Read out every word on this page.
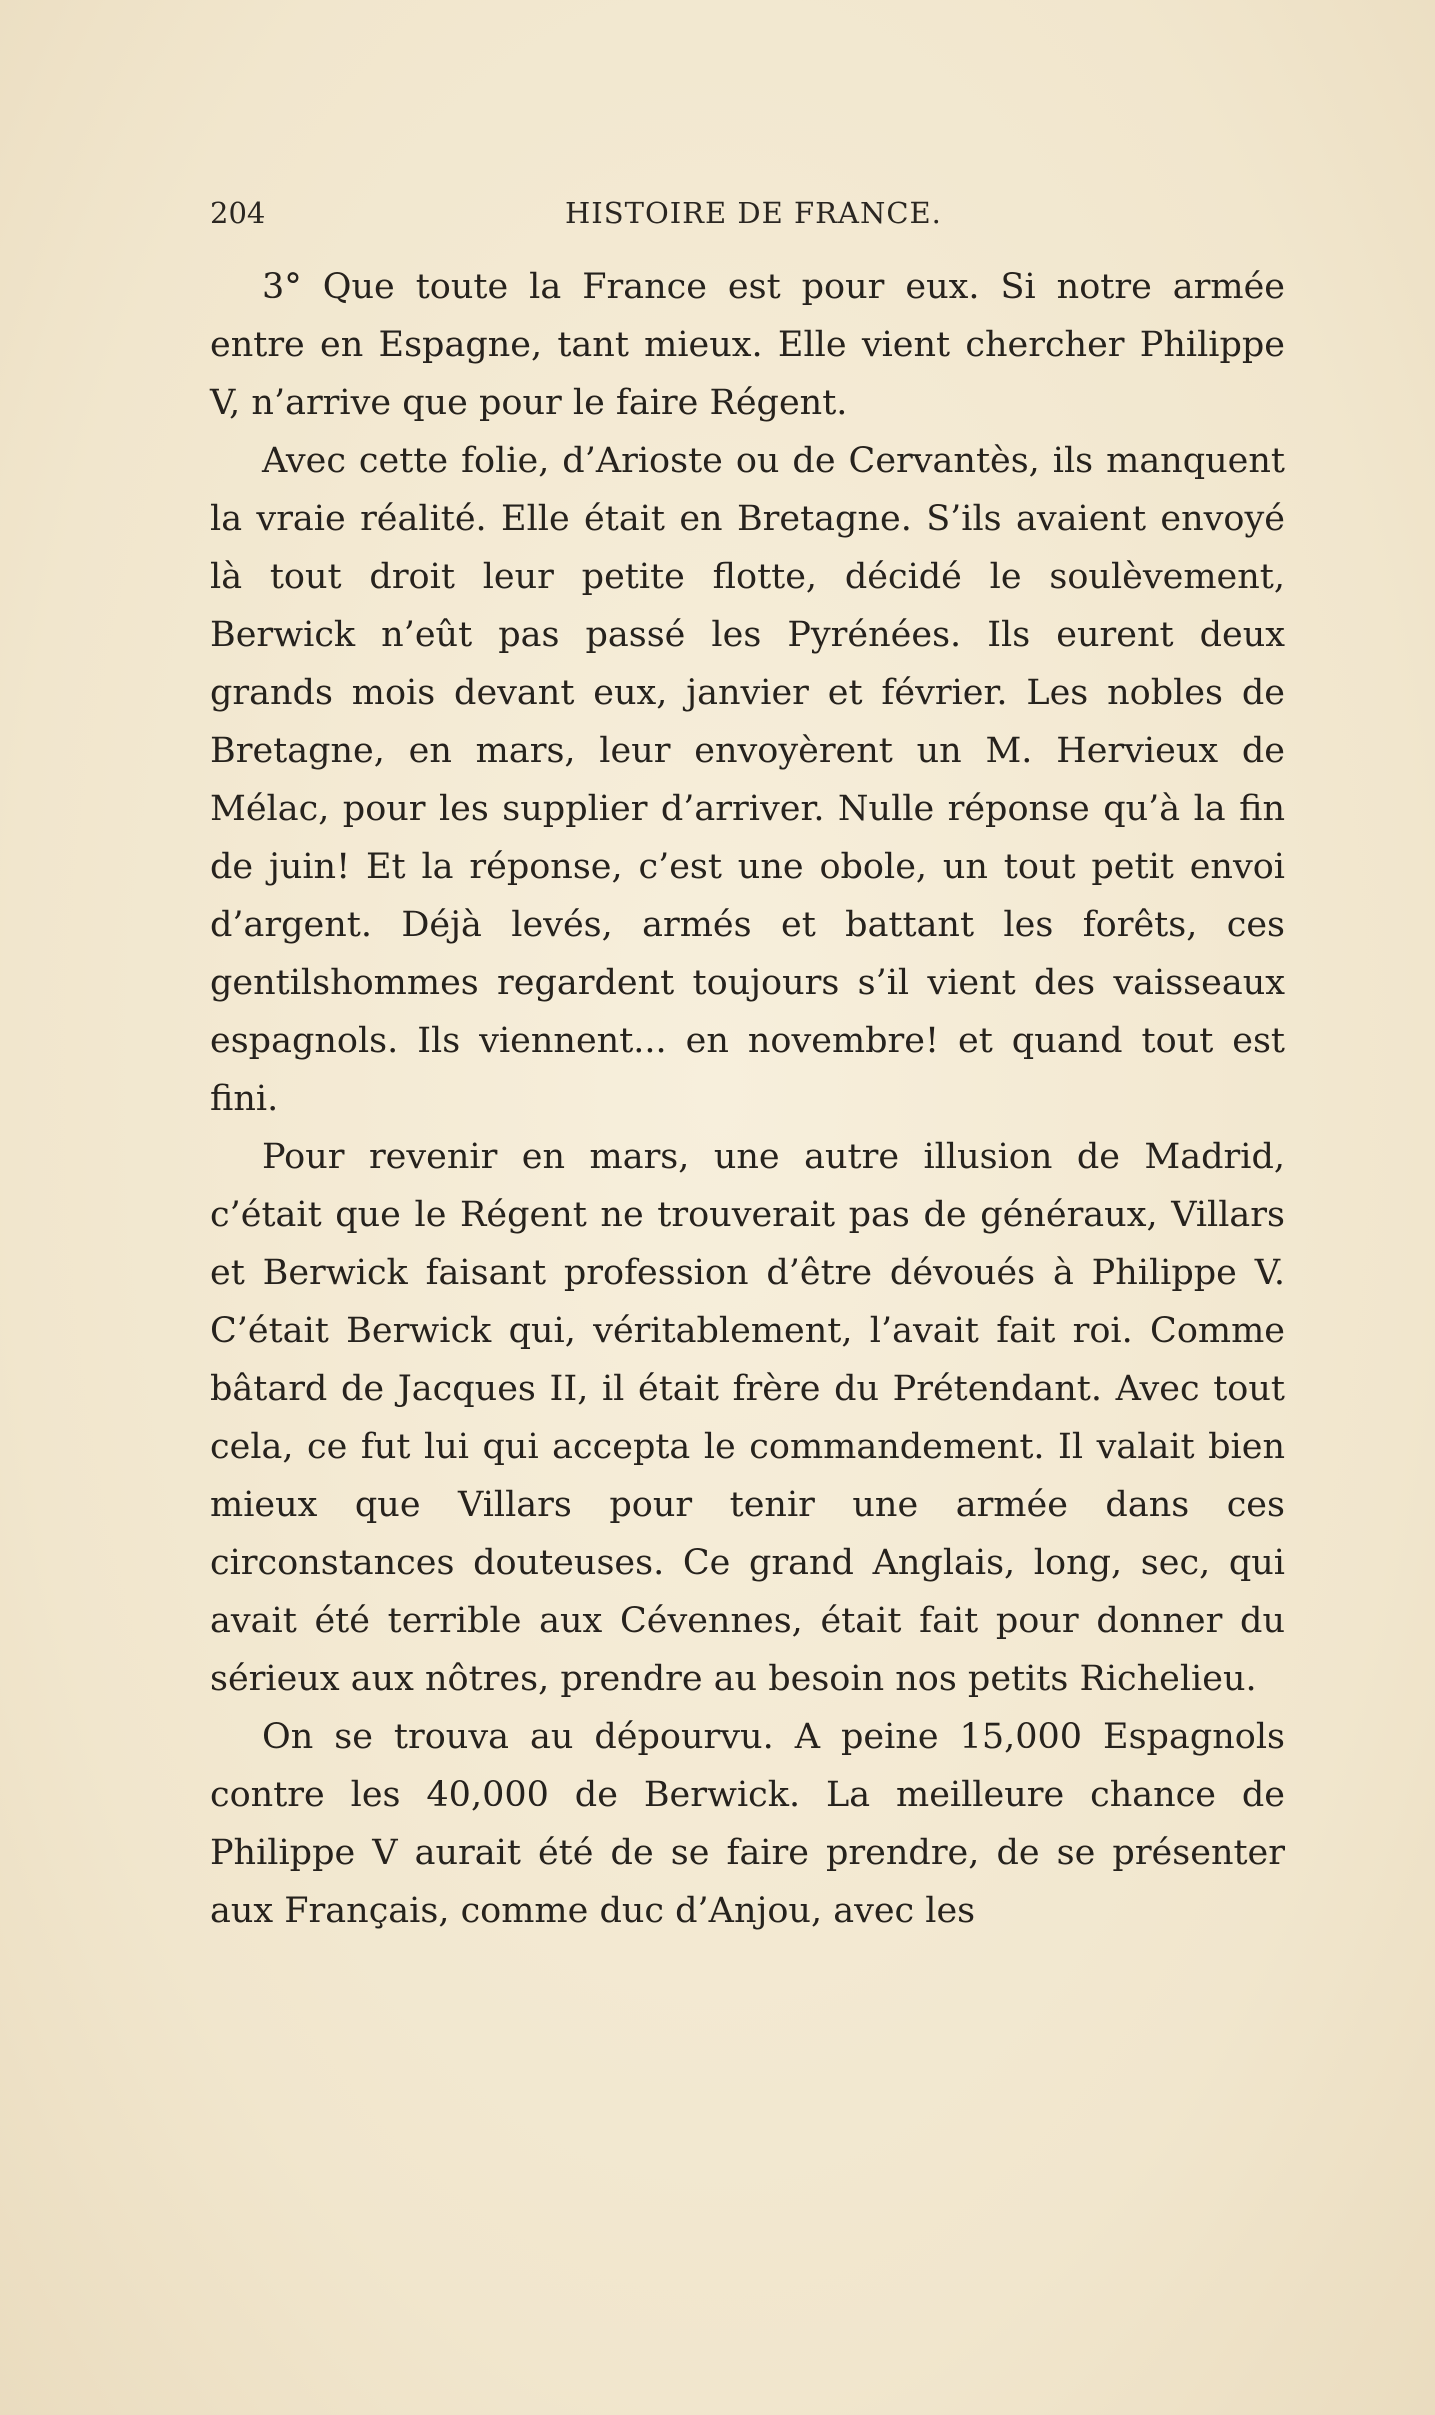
204	HISTOIRE DE FRANCE.

3° Que toute la France est pour eux. Si notre armée entre en Espagne, tant mieux. Elle vient chercher Philippe V, n’arrive que pour le faire Régent.

Avec cette folie, d’Arioste ou de Cervantès, ils manquent la vraie réalité. Elle était en Bretagne. S’ils avaient envoyé là tout droit leur petite flotte, décidé le soulèvement, Berwick n’eût pas passé les Pyrénées. Ils eurent deux grands mois devant eux, janvier et février. Les nobles de Bretagne, en mars, leur envoyèrent un M. Hervieux de Mélac, pour les supplier d’arriver. Nulle réponse qu’à la fin de juin! Et la réponse, c’est une obole, un tout petit envoi d’argent. Déjà levés, armés et battant les forêts, ces gentilshommes regardent toujours s’il vient des vaisseaux espagnols. Ils viennent... en novembre! et quand tout est fini.

Pour revenir en mars, une autre illusion de Madrid, c’était que le Régent ne trouverait pas de généraux, Villars et Berwick faisant profession d’être dévoués à Philippe V. C’était Berwick qui, véritablement, l’avait fait roi. Comme bâtard de Jacques II, il était frère du Prétendant. Avec tout cela, ce fut lui qui accepta le commandement. Il valait bien mieux que Villars pour tenir une armée dans ces circonstances douteuses. Ce grand Anglais, long, sec, qui avait été terrible aux Cévennes, était fait pour donner du sérieux aux nôtres, prendre au besoin nos petits Richelieu.

On se trouva au dépourvu. A peine 15,000 Espagnols contre les 40,000 de Berwick. La meilleure chance de Philippe V aurait été de se faire prendre, de se présenter aux Français, comme duc d’Anjou, avec les
